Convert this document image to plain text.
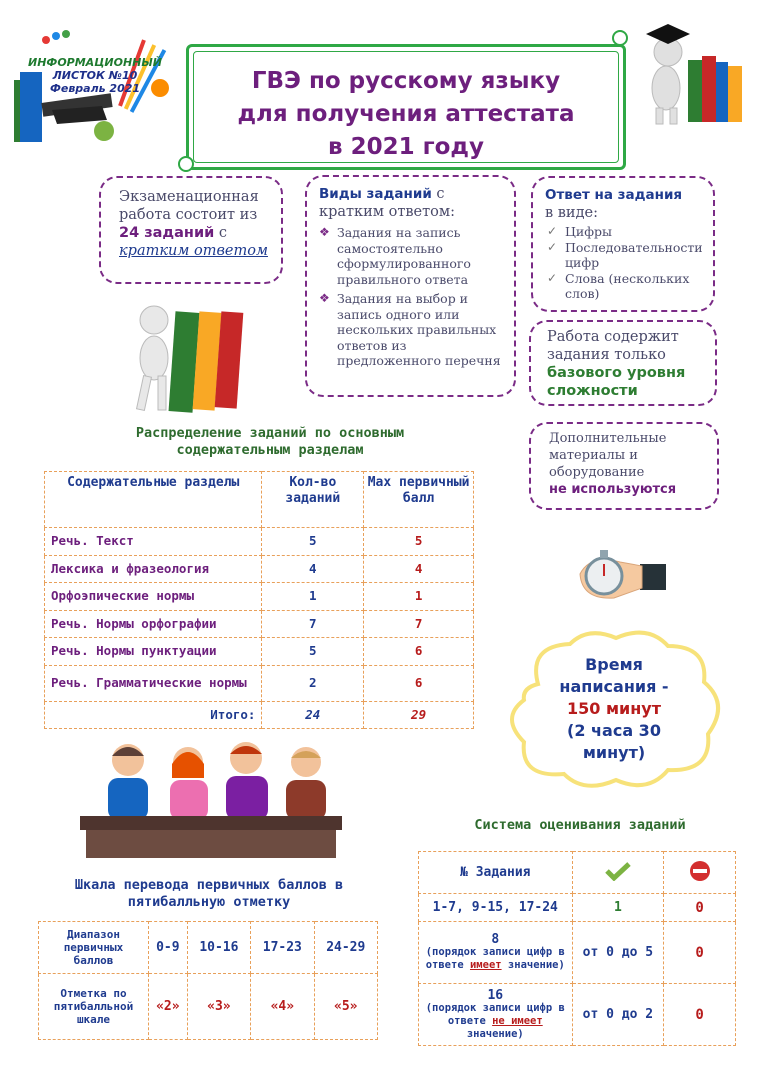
ИНФОРМАЦИОННЫЙ
ЛИСТОК №10
Февраль 2021	ГВЭ по русскому языку
для получения аттестата
в 2021 году
Экзаменационная работа состоит из 24 заданий с кратким ответом
Виды заданий с кратким ответом:
❖ Задания на запись самостоятельно сформулированного правильного ответа
❖ Задания на выбор и запись одного или нескольких правильных ответов из предложенного перечня
Ответ на задания
в виде:
✓ Цифры
✓ Последовательности цифр
✓ Слова (нескольких слов)
Работа содержит задания только
базового уровня сложности
Дополнительные материалы и оборудование
не используются
Распределение заданий по основным содержательным разделам
Содержательные разделы	Кол-во заданий	Max первичный балл
Речь. Текст	5	5
Лексика и фразеология	4	4
Орфоэпические нормы	1	1
Речь. Нормы орфографии	7	7
Речь. Нормы пунктуации	5	6
Речь. Грамматические нормы	2	6
Итого:	24	29
Время
написания -
150 минут
(2 часа 30
минут)
Система оценивания заданий
№ Задания		
1-7, 9-15, 17-24	1	0

8
(порядок записи цифр в ответе имеет значение)	от 0 до 5	0

16
(порядок записи цифр в ответе не имеет значение)	от 0 до 2	0
Шкала перевода первичных баллов в пятибалльную отметку
Диапазон первичных баллов	0-9	10-16	17-23	24-29
Отметка по пятибалльной шкале	«2»	«3»	«4»	«5»
